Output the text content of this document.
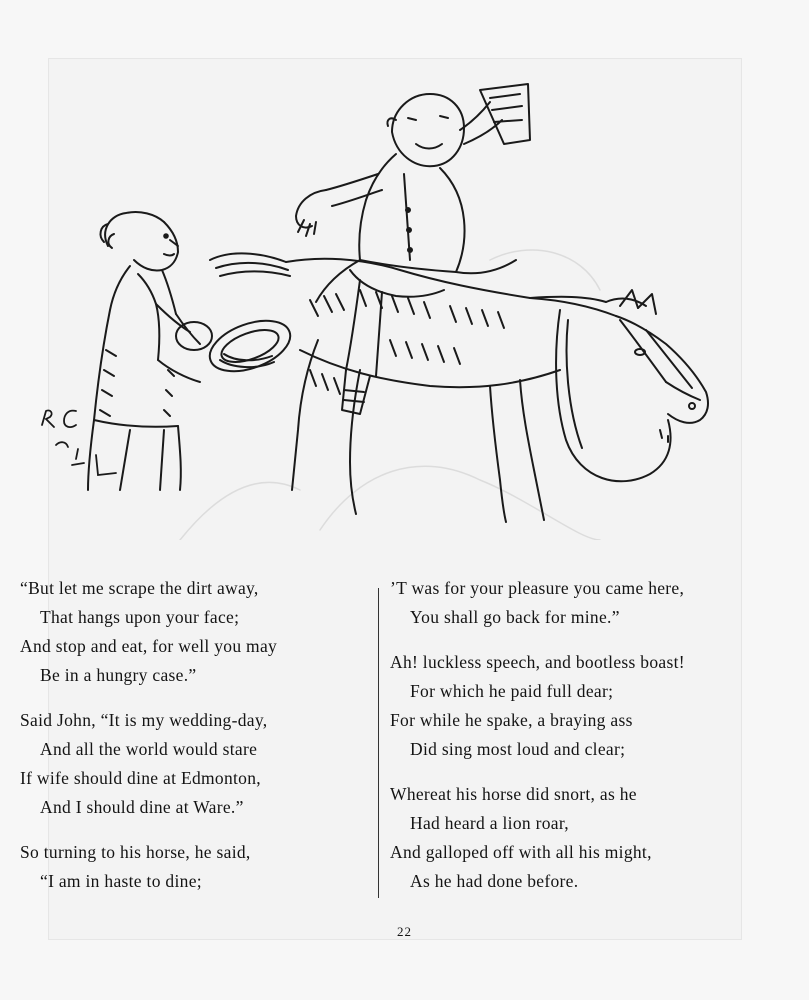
“But let me scrape the dirt away,

That hangs upon your face;

And stop and eat, for well you may

Be in a hungry case.”

Said John, “It is my wedding-day,

And all the world would stare

If wife should dine at Edmonton,

And I should dine at Ware.”

So turning to his horse, he said,

“I am in haste to dine;

’T was for your pleasure you came here,

You shall go back for mine.”

Ah! luckless speech, and bootless boast!

For which he paid full dear;

For while he spake, a braying ass

Did sing most loud and clear;

Whereat his horse did snort, as he

Had heard a lion roar,

And galloped off with all his might,

As he had done before.

22
